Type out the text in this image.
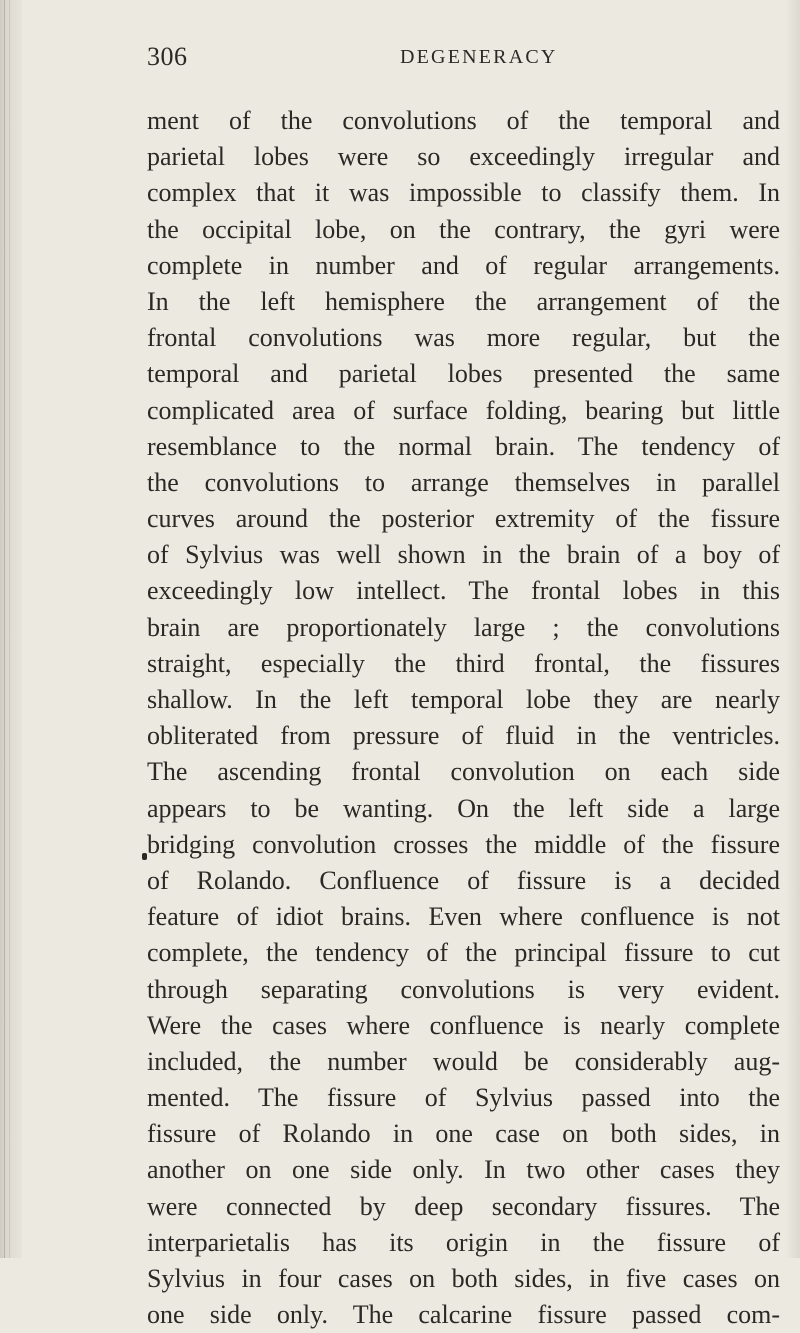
306	DEGENERACY
ment of the convolutions of the temporal and
parietal lobes were so exceedingly irregular and
complex that it was impossible to classify them. In
the occipital lobe, on the contrary, the gyri were
complete in number and of regular arrangements.
In the left hemisphere the arrangement of the
frontal convolutions was more regular, but the
temporal and parietal lobes presented the same
complicated area of surface folding, bearing but little
resemblance to the normal brain. The tendency of
the convolutions to arrange themselves in parallel
curves around the posterior extremity of the fissure
of Sylvius was well shown in the brain of a boy of
exceedingly low intellect. The frontal lobes in this
brain are proportionately large ; the convolutions
straight, especially the third frontal, the fissures
shallow. In the left temporal lobe they are nearly
obliterated from pressure of fluid in the ventricles.
The ascending frontal convolution on each side
appears to be wanting. On the left side a large
bridging convolution crosses the middle of the fissure
of Rolando. Confluence of fissure is a decided
feature of idiot brains. Even where confluence is not
complete, the tendency of the principal fissure to cut
through separating convolutions is very evident.
Were the cases where confluence is nearly complete
included, the number would be considerably aug-
mented. The fissure of Sylvius passed into the
fissure of Rolando in one case on both sides, in
another on one side only. In two other cases they
were connected by deep secondary fissures. The
interparietalis has its origin in the fissure of
Sylvius in four cases on both sides, in five cases on
one side only. The calcarine fissure passed com-
